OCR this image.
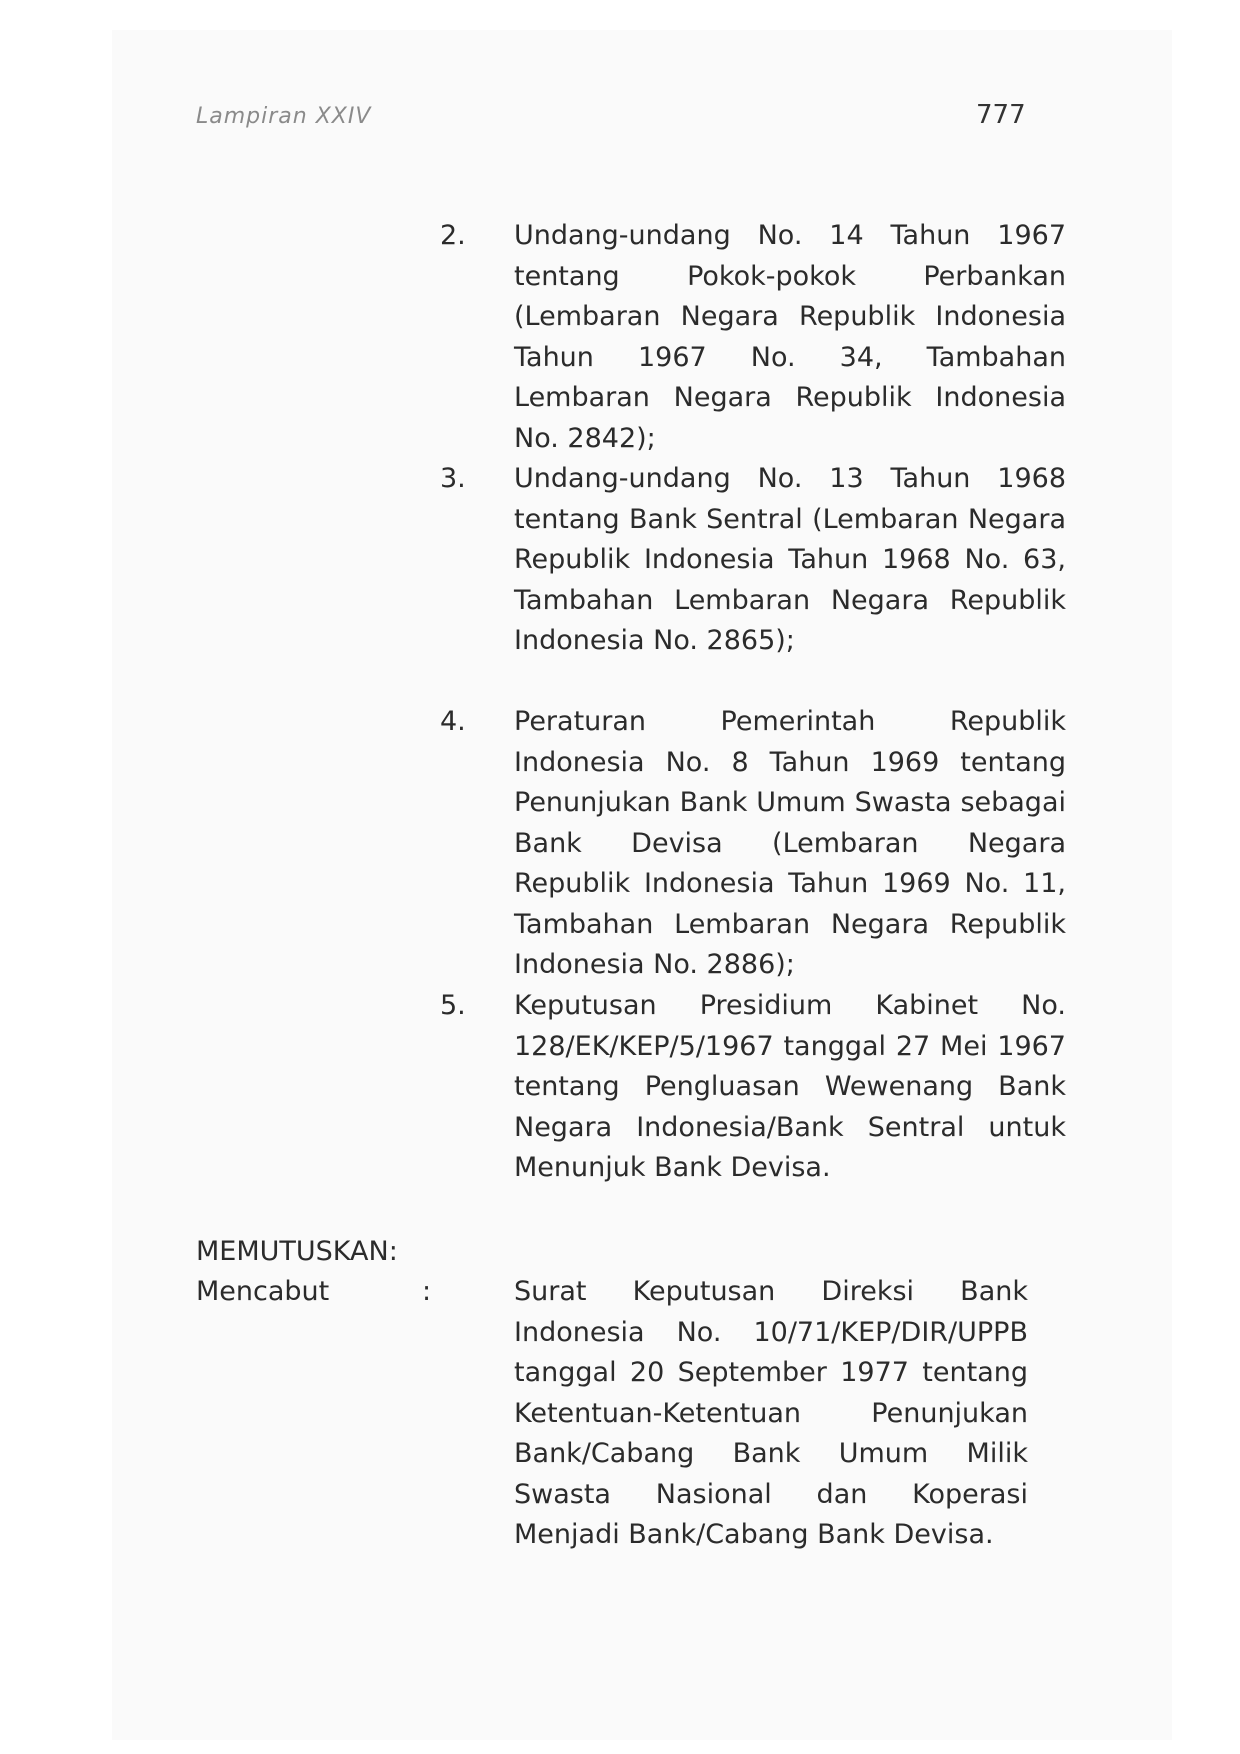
Lampiran XXIV	777
2.	Undang-undang No. 14 Tahun 1967 tentang Pokok-pokok Perbankan (Lembaran Negara Republik Indonesia Tahun 1967 No. 34, Tambahan Lembaran Negara Republik Indonesia No. 2842);
3.	Undang-undang No. 13 Tahun 1968 tentang Bank Sentral (Lembaran Negara Republik Indonesia Tahun 1968 No. 63, Tambahan Lembaran Negara Republik Indonesia No. 2865);
4.	Peraturan Pemerintah Republik Indonesia No. 8 Tahun 1969 tentang Penunjukan Bank Umum Swasta sebagai Bank Devisa (Lembaran Negara Republik Indonesia Tahun 1969 No. 11, Tambahan Lembaran Negara Republik Indonesia No. 2886);
5.	Keputusan Presidium Kabinet No. 128/EK/KEP/5/1967 tanggal 27 Mei 1967 tentang Pengluasan Wewenang Bank Negara Indonesia/Bank Sentral untuk Menunjuk Bank Devisa.
MEMUTUSKAN:
Mencabut	:	Surat Keputusan Direksi Bank Indonesia No. 10/71/KEP/DIR/UPPB tanggal 20 September 1977 tentang Ketentuan-Ketentuan Penunjukan Bank/Cabang Bank Umum Milik Swasta Nasional dan Koperasi Menjadi Bank/Cabang Bank Devisa.
